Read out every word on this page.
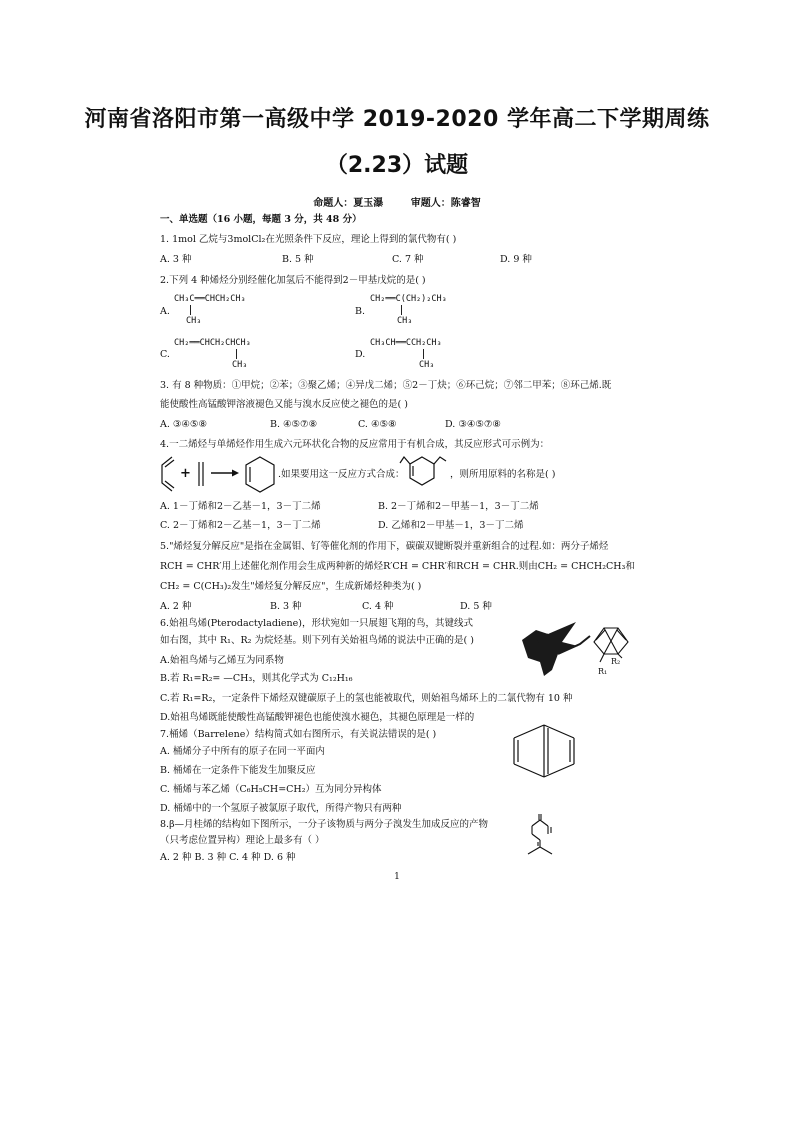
河南省洛阳市第一高级中学 2019-2020 学年高二下学期周练
（2.23）试题
命题人：夏玉瀑	审题人：陈睿智
一、单选题（16 小题，每题 3 分，共 48 分）
1. 1mol 乙烷与3molCl₂在光照条件下反应，理论上得到的氯代物有( )
A. 3 种	B. 5 种	C. 7 种	D. 9 种
2.下列 4 种烯烃分别经催化加氢后不能得到2－甲基戊烷的是( )
A.
CH₃C══CHCH₂CH₃
CH₃
B.
CH₂══C(CH₂)₂CH₃
CH₃
C.
CH₂══CHCH₂CHCH₃
CH₃
D.
CH₃CH══CCH₂CH₃
CH₃
3. 有 8 种物质：①甲烷；②苯；③聚乙烯；④异戊二烯；⑤2－丁炔；⑥环己烷；⑦邻二甲苯；⑧环己烯.既
能使酸性高锰酸钾溶液褪色又能与溴水反应使之褪色的是( )
A. ③④⑤⑧	B. ④⑤⑦⑧	C. ④⑤⑧	D. ③④⑤⑦⑧
4.一二烯烃与单烯烃作用生成六元环状化合物的反应常用于有机合成，其反应形式可示例为：
+	.如果要用这一反应方式合成：	，则所用原料的名称是( )
A. 1－丁烯和2－乙基－1，3－丁二烯	B. 2－丁烯和2－甲基－1，3－丁二烯
C. 2－丁烯和2－乙基－1，3－丁二烯	D. 乙烯和2－甲基－1，3－丁二烯
5."烯烃复分解反应"是指在金属钼、钌等催化剂的作用下，碳碳双键断裂并重新组合的过程.如：两分子烯烃
RCH = CHR′用上述催化剂作用会生成两种新的烯烃R′CH = CHR′和RCH = CHR.则由CH₂ = CHCH₂CH₃和
CH₂ = C(CH₃)₂发生"烯烃复分解反应"，生成新烯烃种类为( )
A. 2 种	B. 3 种	C. 4 种	D. 5 种
6.始祖鸟烯(Pterodactyladiene)，形状宛如一只展翅飞翔的鸟，其键线式
如右图，其中 R₁、R₂ 为烷烃基。则下列有关始祖鸟烯的说法中正确的是( )
R₂
R₁
A.始祖鸟烯与乙烯互为同系物
B.若 R₁=R₂= —CH₃，则其化学式为 C₁₂H₁₆
C.若 R₁=R₂，一定条件下烯烃双键碳原子上的氢也能被取代，则始祖鸟烯环上的二氯代物有 10 种
D.始祖鸟烯既能使酸性高锰酸钾褪色也能使溴水褪色，其褪色原理是一样的
7.桶烯（Barrelene）结构简式如右图所示，有关说法错误的是( )
A. 桶烯分子中所有的原子在同一平面内
B. 桶烯在一定条件下能发生加聚反应
C. 桶烯与苯乙烯（C₆H₅CH=CH₂）互为同分异构体
D. 桶烯中的一个氢原子被氯原子取代，所得产物只有两种
8.β—月桂烯的结构如下图所示，一分子该物质与两分子溴发生加成反应的产物
（只考虑位置异构）理论上最多有（ ）
A. 2 种 B. 3 种 C. 4 种 D. 6 种
1
